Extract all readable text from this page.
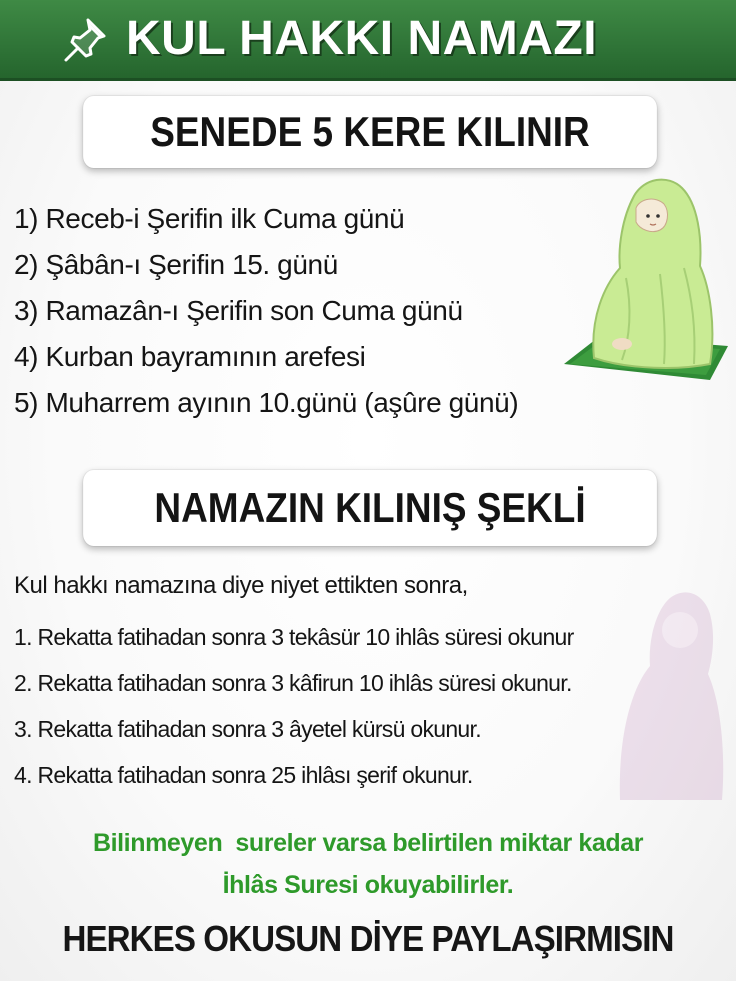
KUL HAKKI NAMAZI
SENEDE 5 KERE KILINIR
1) Receb-i Şerifin ilk Cuma günü
2) Şâbân-ı Şerifin 15. günü
3) Ramazân-ı Şerifin son Cuma günü
4) Kurban bayramının arefesi
5) Muharrem ayının 10.günü (aşûre günü)
NAMAZIN KILINIŞ ŞEKLİ
Kul hakkı namazına diye niyet ettikten sonra,
1. Rekatta fatihadan sonra 3 tekâsür 10 ihlâs süresi okunur
2. Rekatta fatihadan sonra 3 kâfirun 10 ihlâs süresi okunur.
3. Rekatta fatihadan sonra 3 âyetel kürsü okunur.
4. Rekatta fatihadan sonra 25 ihlâsı şerif okunur.
Bilinmeyen  sureler varsa belirtilen miktar kadar
İhlâs Suresi okuyabilirler.
HERKES OKUSUN DİYE PAYLAŞIRMISIN
